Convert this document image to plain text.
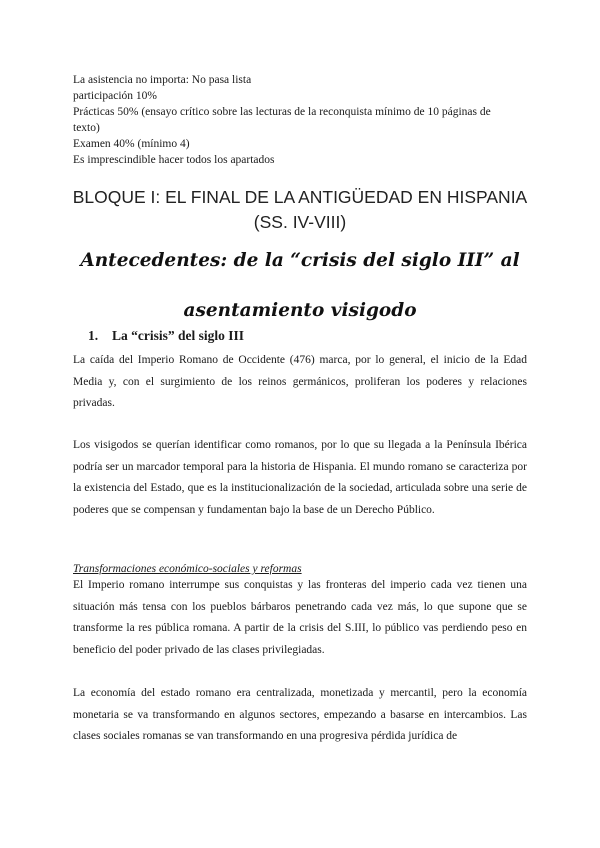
La asistencia no importa: No pasa lista
participación 10%
Prácticas 50% (ensayo crítico sobre las lecturas de la reconquista mínimo de 10 páginas de
texto)
Examen 40% (mínimo 4)
Es imprescindible hacer todos los apartados
BLOQUE I: EL FINAL DE LA ANTIGÜEDAD EN HISPANIA
(SS. IV-VIII)
Antecedentes: de la “crisis del siglo III” al asentamiento visigodo
1. La “crisis” del siglo III
La caída del Imperio Romano de Occidente (476) marca, por lo general, el inicio de la Edad Media y, con el surgimiento de los reinos germánicos, proliferan los poderes y relaciones privadas.
Los visigodos se querían identificar como romanos, por lo que su llegada a la Península Ibérica podría ser un marcador temporal para la historia de Hispania. El mundo romano se caracteriza por la existencia del Estado, que es la institucionalización de la sociedad, articulada sobre una serie de poderes que se compensan y fundamentan bajo la base de un Derecho Público.
Transformaciones económico-sociales y reformas
El Imperio romano interrumpe sus conquistas y las fronteras del imperio cada vez tienen una situación más tensa con los pueblos bárbaros penetrando cada vez más, lo que supone que se transforme la res pública romana. A partir de la crisis del S.III, lo público vas perdiendo peso en beneficio del poder privado de las clases privilegiadas.
La economía del estado romano era centralizada, monetizada y mercantil, pero la economía monetaria se va transformando en algunos sectores, empezando a basarse en intercambios. Las clases sociales romanas se van transformando en una progresiva pérdida jurídica de
